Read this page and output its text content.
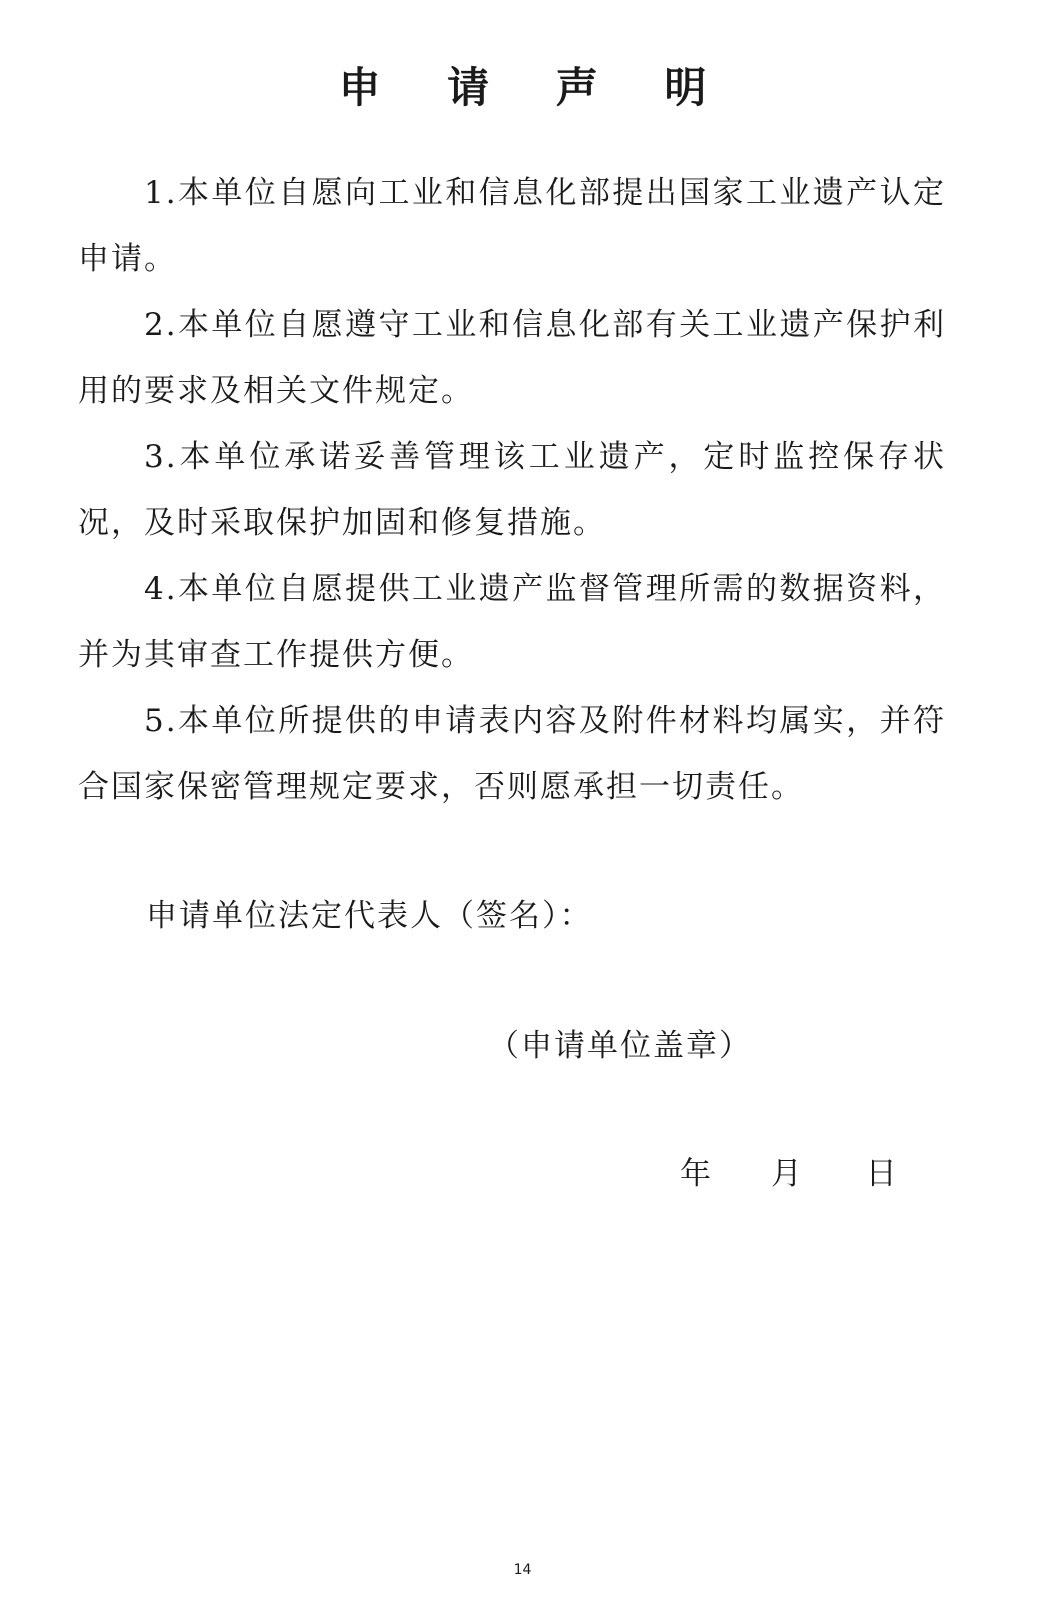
申 请 声 明

1.本单位自愿向工业和信息化部提出国家工业遗产认定申请。

2.本单位自愿遵守工业和信息化部有关工业遗产保护利用的要求及相关文件规定。

3.本单位承诺妥善管理该工业遗产，定时监控保存状况，及时采取保护加固和修复措施。

4.本单位自愿提供工业遗产监督管理所需的数据资料，并为其审查工作提供方便。

5.本单位所提供的申请表内容及附件材料均属实，并符合国家保密管理规定要求，否则愿承担一切责任。

申请单位法定代表人（签名）：
（申请单位盖章）
年 月 日
14
